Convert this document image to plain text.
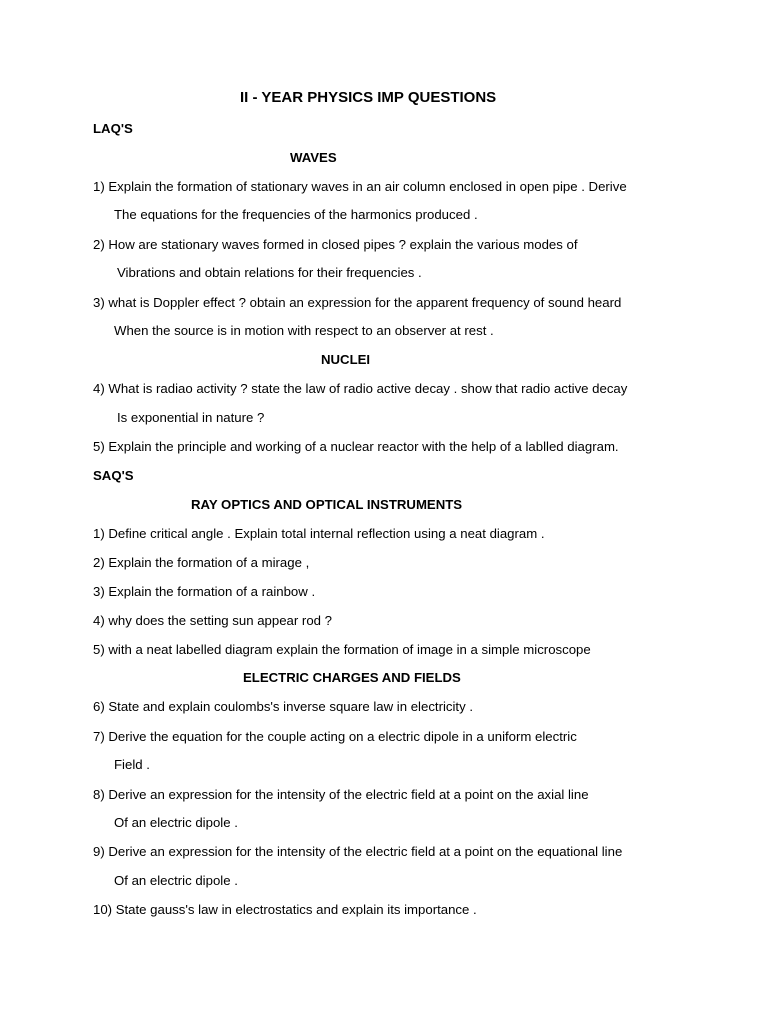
II - YEAR PHYSICS IMP QUESTIONS

LAQ'S

WAVES

1) Explain the formation of stationary waves in an air column enclosed in open pipe . Derive

The equations for the frequencies of the harmonics produced .

2) How are stationary waves formed in closed pipes ? explain the various modes of

Vibrations and obtain relations for their frequencies .

3) what is Doppler effect ? obtain an expression for the apparent frequency of sound heard

When the source is in motion with respect to an observer at rest .

NUCLEI

4) What is radiao activity ? state the law of radio active decay . show that radio active decay

Is exponential in nature ?

5) Explain the principle and working of a nuclear reactor with the help of a lablled diagram.

SAQ'S

RAY OPTICS AND OPTICAL INSTRUMENTS

1) Define critical angle . Explain total internal reflection using a neat diagram .

2) Explain the formation of a mirage ,

3) Explain the formation of a rainbow .

4) why does the setting sun appear rod ?

5) with a neat labelled diagram explain the formation of image in a simple microscope

ELECTRIC CHARGES AND FIELDS

6) State and explain coulombs's inverse square law in electricity .

7) Derive the equation for the couple acting on a electric dipole in a uniform electric

Field .

8) Derive an expression for the intensity of the electric field at a point on the axial line

Of an electric dipole .

9) Derive an expression for the intensity of the electric field at a point on the equational line

Of an electric dipole .

10) State gauss's law in electrostatics and explain its importance .
